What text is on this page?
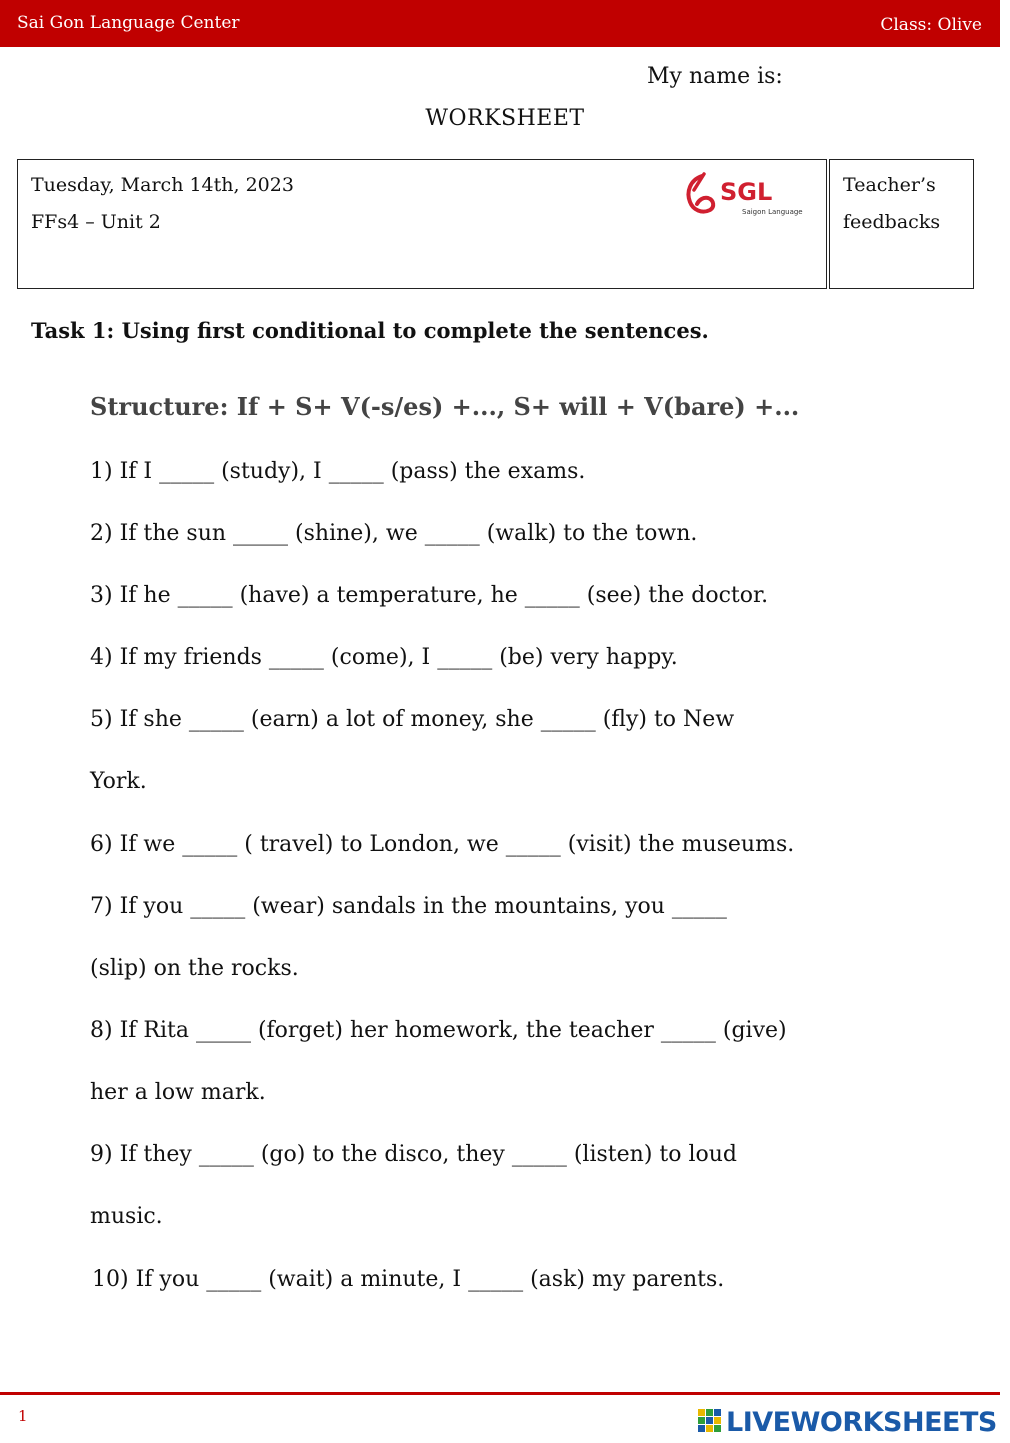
Sai Gon Language Center	Class: Olive
My name is:
WORKSHEET
Tuesday, March 14th, 2023
FFs4 – Unit 2
SGL
Saigon Language
Teacher’s
feedbacks
Task 1: Using first conditional to complete the sentences.
Structure: If + S+ V(-s/es) +..., S+ will + V(bare) +...
1) If I _____ (study), I _____ (pass) the exams.
2) If the sun _____ (shine), we _____ (walk) to the town.
3) If he _____ (have) a temperature, he _____ (see) the doctor.
4) If my friends _____ (come), I _____ (be) very happy.
5) If she _____ (earn) a lot of money, she _____ (fly) to New
York.
6) If we _____ ( travel) to London, we _____ (visit) the museums.
7) If you _____ (wear) sandals in the mountains, you _____
(slip) on the rocks.
8) If Rita _____ (forget) her homework, the teacher _____ (give)
her a low mark.
9) If they _____ (go) to the disco, they _____ (listen) to loud
music.
10) If you _____ (wait) a minute, I _____ (ask) my parents.
1	LIVEWORKSHEETS
